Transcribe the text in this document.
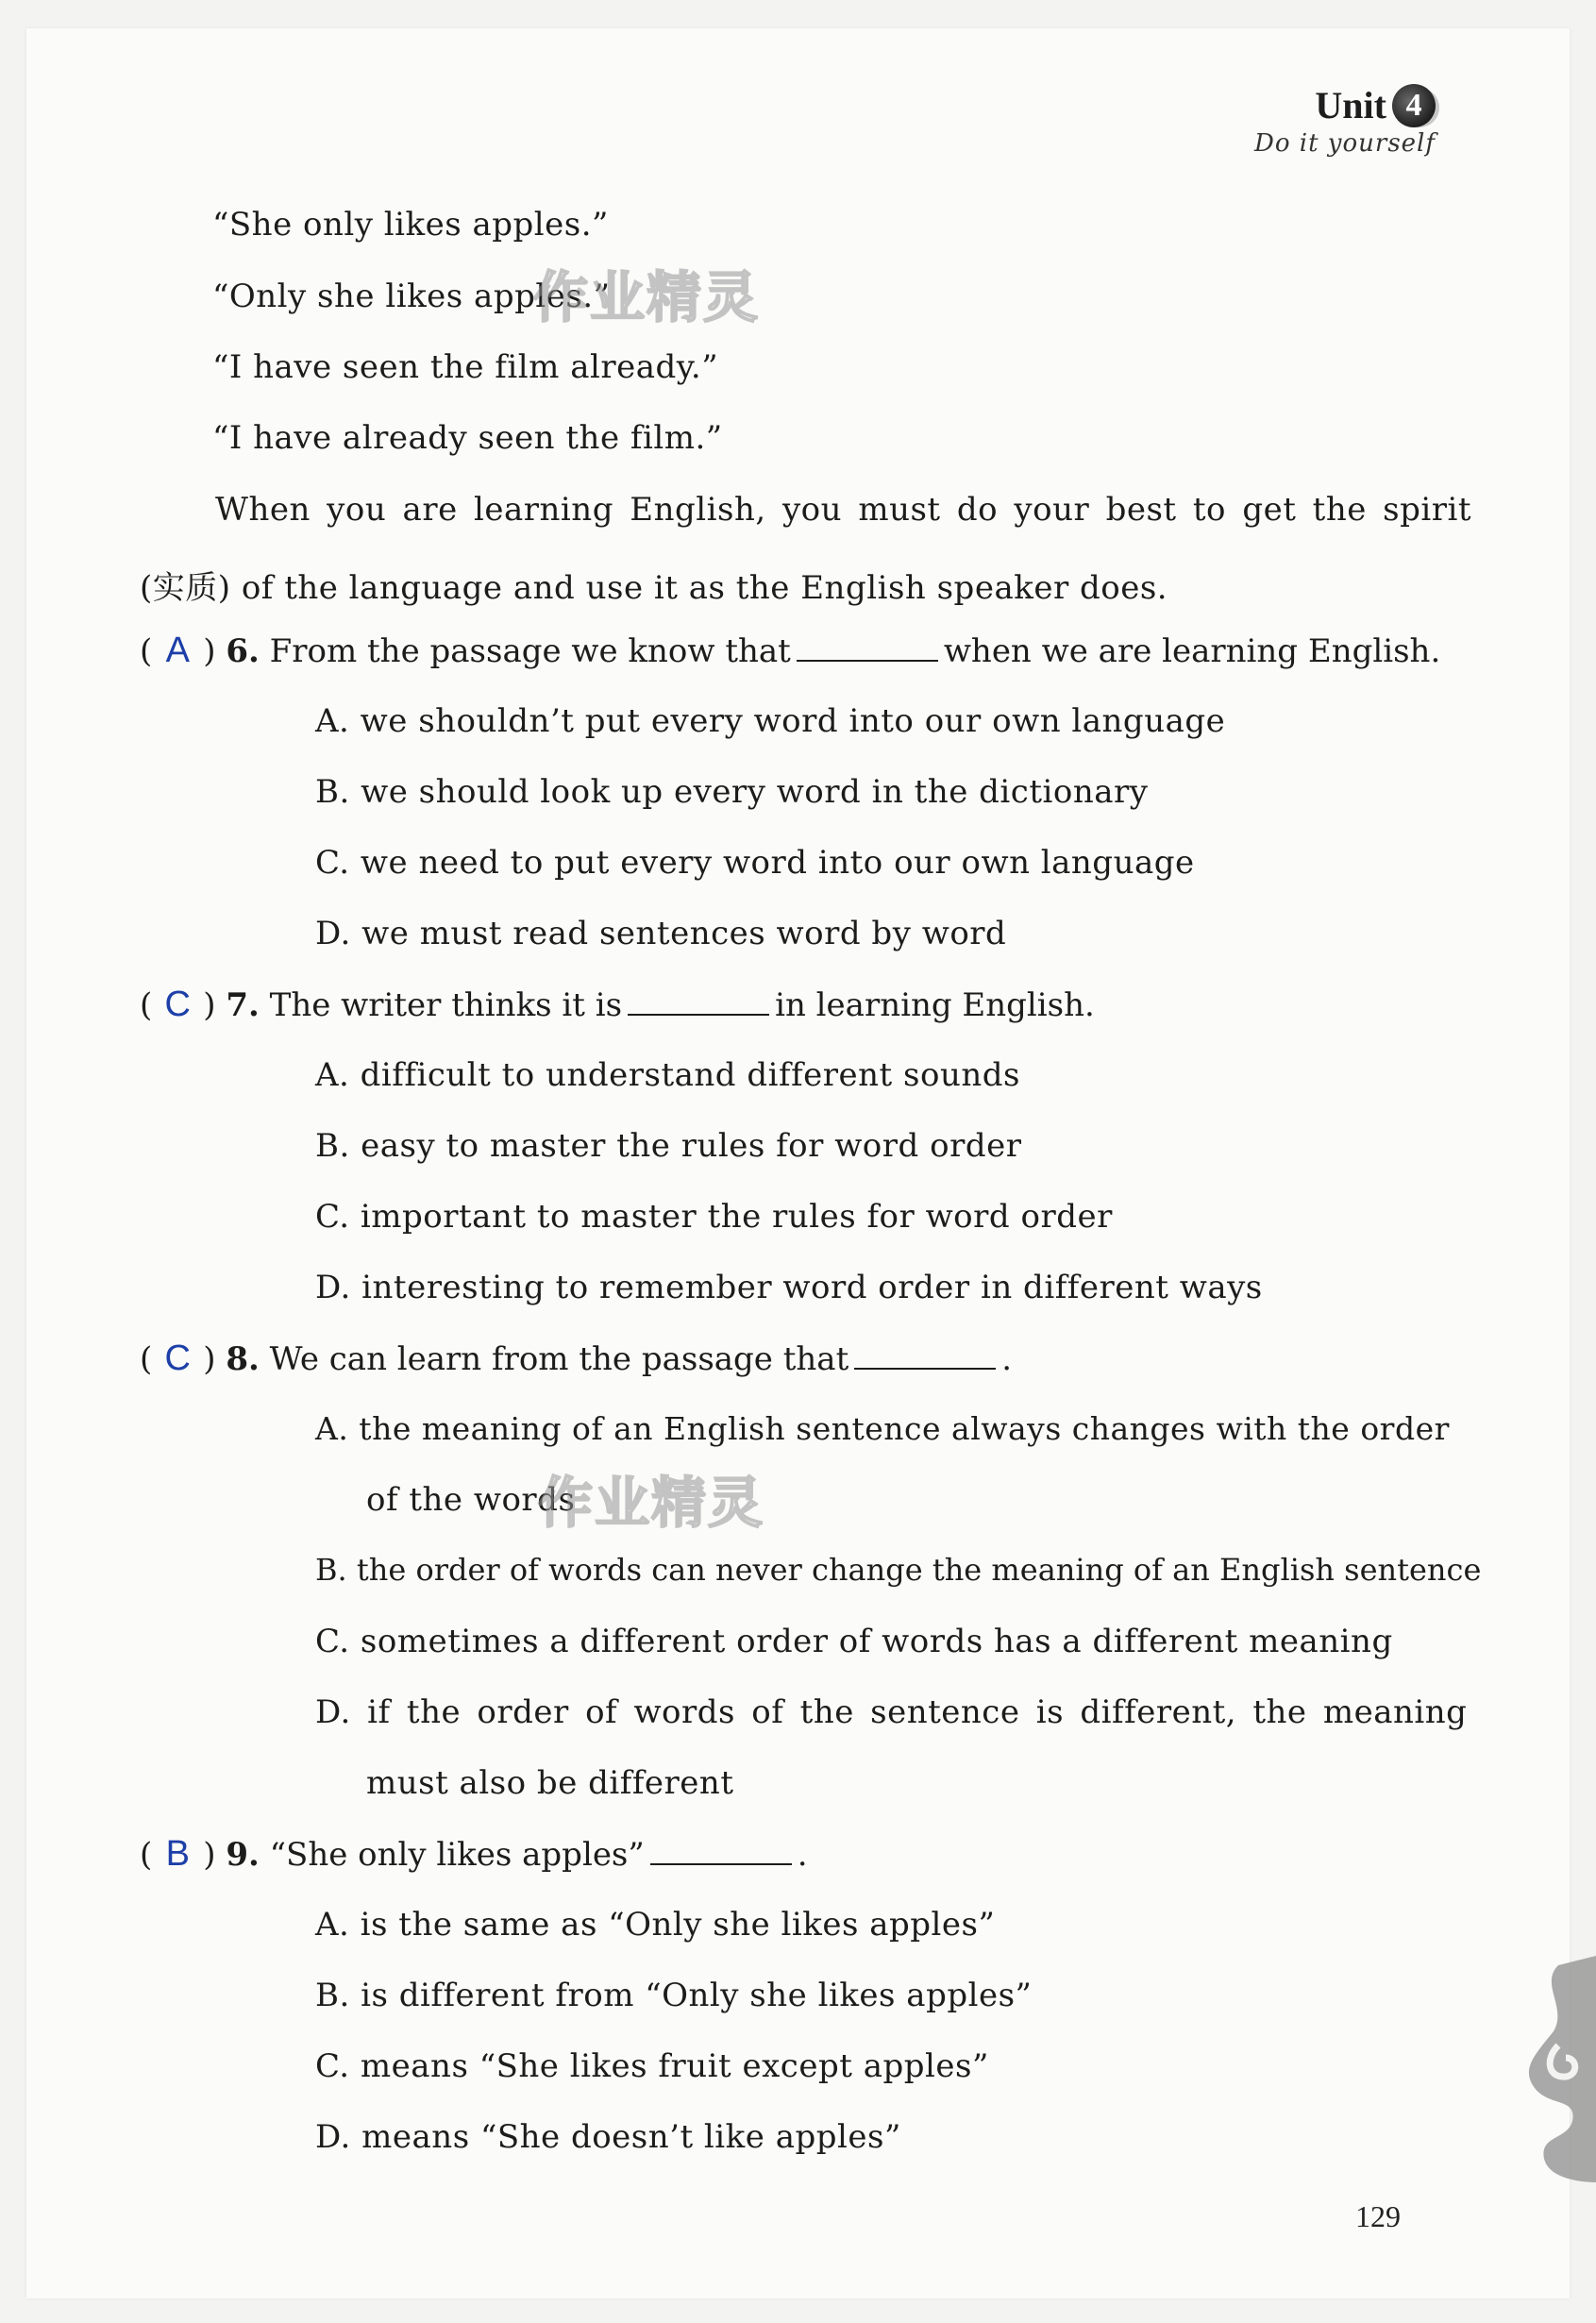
Unit 4
Do it yourself
“She only likes apples.”
“Only she likes apples.”
“I have seen the film already.”
“I have already seen the film.”
When you are learning English, you must do your best to get the spirit
(实质) of the language and use it as the English speaker does.
( A ) 6. From the passage we know that	when we are learning English.
A. we shouldn’t put every word into our own language
B. we should look up every word in the dictionary
C. we need to put every word into our own language
D. we must read sentences word by word
( C ) 7. The writer thinks it is	in learning English.
A. difficult to understand different sounds
B. easy to master the rules for word order
C. important to master the rules for word order
D. interesting to remember word order in different ways
( C ) 8. We can learn from the passage that	.
A. the meaning of an English sentence always changes with the order
of the words
B. the order of words can never change the meaning of an English sentence
C. sometimes a different order of words has a different meaning
D. if the order of words of the sentence is different, the meaning
must also be different
( B ) 9. “She only likes apples”	.
A. is the same as “Only she likes apples”
B. is different from “Only she likes apples”
C. means “She likes fruit except apples”
D. means “She doesn’t like apples”
作业精灵
作业精灵
129
